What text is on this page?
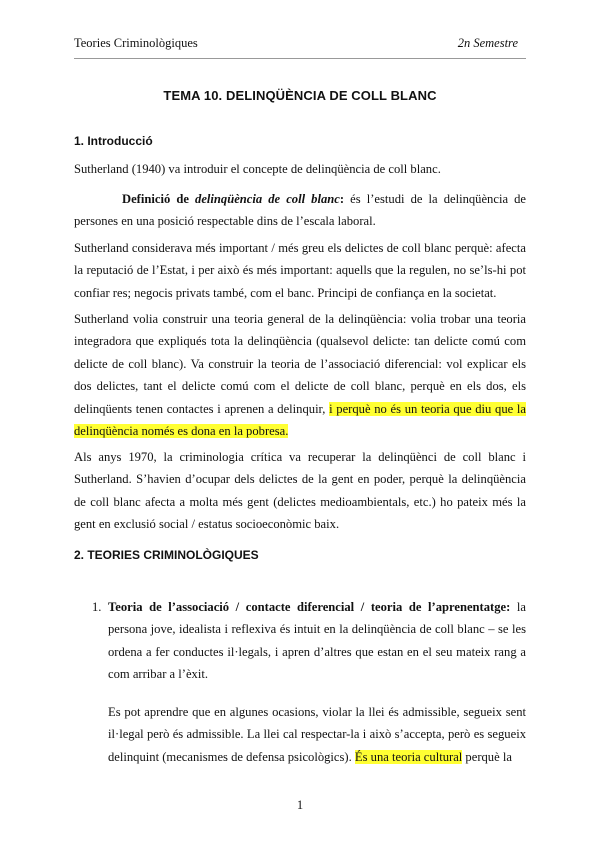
Teories Criminològiques	2n Semestre
TEMA 10. DELINQÜÈNCIA DE COLL BLANC
1. Introducció

Sutherland (1940) va introduir el concepte de delinqüència de coll blanc.

Definició de delinqüència de coll blanc: és l’estudi de la delinqüència de persones en una posició respectable dins de l’escala laboral.

Sutherland considerava més important / més greu els delictes de coll blanc perquè: afecta la reputació de l’Estat, i per això és més important: aquells que la regulen, no se’ls-hi pot confiar res; negocis privats també, com el banc. Principi de confiança en la societat.

Sutherland volia construir una teoria general de la delinqüència: volia trobar una teoria integradora que expliqués tota la delinqüència (qualsevol delicte: tan delicte comú com delicte de coll blanc). Va construir la teoria de l’associació diferencial: vol explicar els dos delictes, tant el delicte comú com el delicte de coll blanc, perquè en els dos, els delinqüents tenen contactes i aprenen a delinquir, i perquè no és un teoria que diu que la delinqüència només es dona en la pobresa.

Als anys 1970, la criminologia crítica va recuperar la delinqüènci de coll blanc i Sutherland. S’havien d’ocupar dels delictes de la gent en poder, perquè la delinqüència de coll blanc afecta a molta més gent (delictes medioambientals, etc.) ho pateix més la gent en exclusió social / estatus socioeconòmic baix.

2. TEORIES CRIMINOLÒGIQUES
1. Teoria de l’associació / contacte diferencial / teoria de l’aprenentatge: la persona jove, idealista i reflexiva és intuit en la delinqüència de coll blanc – se les ordena a fer conductes il·legals, i apren d’altres que estan en el seu mateix rang a com arribar a l’èxit.

Es pot aprendre que en algunes ocasions, violar la llei és admissible, segueix sent il·legal però és admissible. La llei cal respectar-la i això s’accepta, però es segueix delinquint (mecanismes de defensa psicològics). És una teoria cultural perquè la

1
